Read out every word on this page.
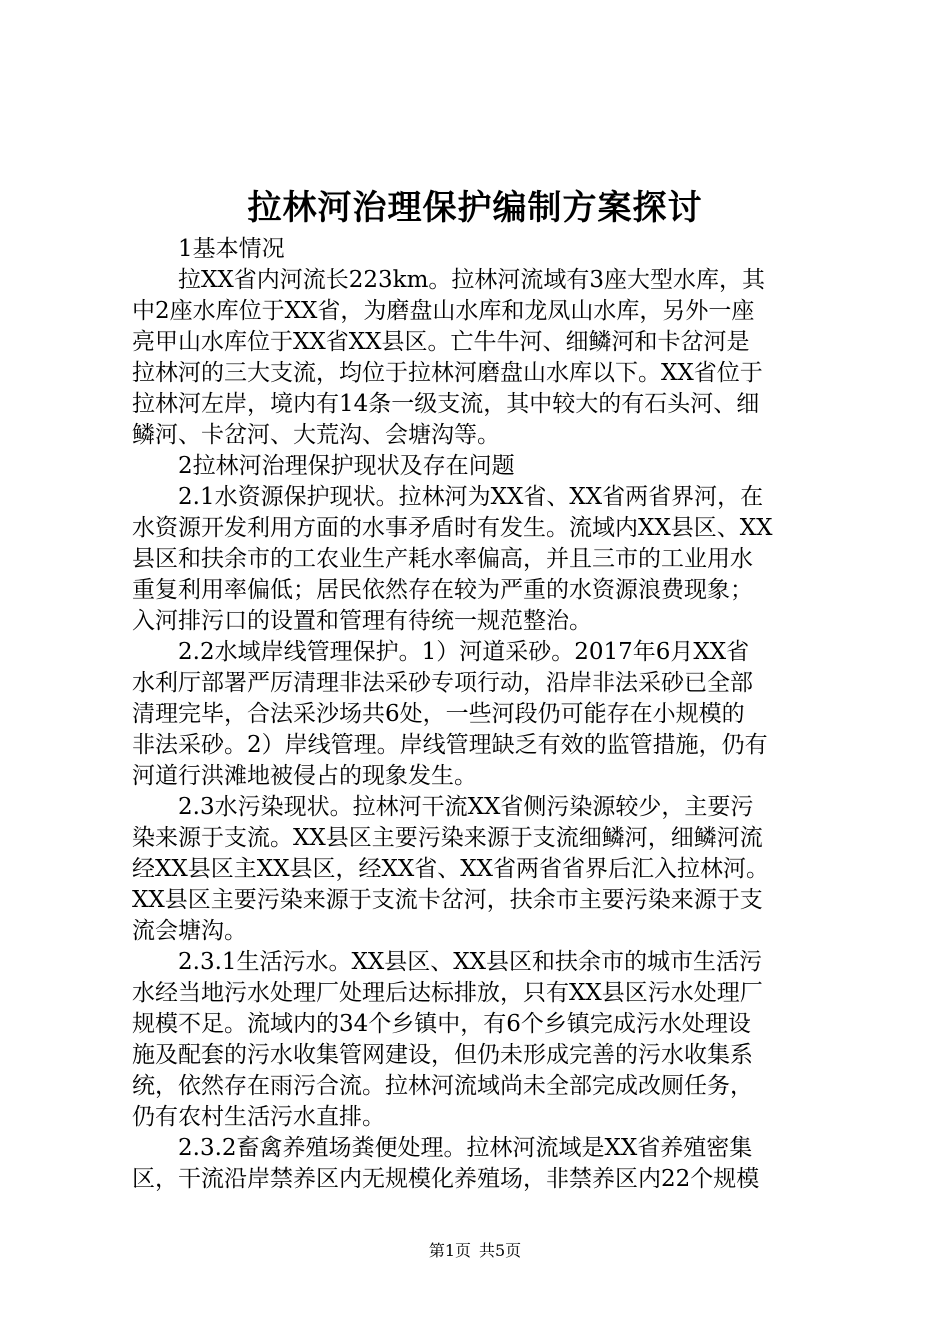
拉林河治理保护编制方案探讨
1基本情况
拉XX省内河流长223km。拉林河流域有3座大型水库，其
中2座水库位于XX省，为磨盘山水库和龙凤山水库，另外一座
亮甲山水库位于XX省XX县区。亡牛牛河、细鳞河和卡岔河是
拉林河的三大支流，均位于拉林河磨盘山水库以下。XX省位于
拉林河左岸，境内有14条一级支流，其中较大的有石头河、细
鳞河、卡岔河、大荒沟、会塘沟等。
2拉林河治理保护现状及存在问题
2.1水资源保护现状。拉林河为XX省、XX省两省界河，在
水资源开发利用方面的水事矛盾时有发生。流域内XX县区、XX
县区和扶余市的工农业生产耗水率偏高，并且三市的工业用水
重复利用率偏低；居民依然存在较为严重的水资源浪费现象；
入河排污口的设置和管理有待统一规范整治。
2.2水域岸线管理保护。1）河道采砂。2017年6月XX省
水利厅部署严厉清理非法采砂专项行动，沿岸非法采砂已全部
清理完毕，合法采沙场共6处，一些河段仍可能存在小规模的
非法采砂。2）岸线管理。岸线管理缺乏有效的监管措施，仍有
河道行洪滩地被侵占的现象发生。
2.3水污染现状。拉林河干流XX省侧污染源较少，主要污
染来源于支流。XX县区主要污染来源于支流细鳞河，细鳞河流
经XX县区主XX县区，经XX省、XX省两省省界后汇入拉林河。
XX县区主要污染来源于支流卡岔河，扶余市主要污染来源于支
流会塘沟。
2.3.1生活污水。XX县区、XX县区和扶余市的城市生活污
水经当地污水处理厂处理后达标排放，只有XX县区污水处理厂
规模不足。流域内的34个乡镇中，有6个乡镇完成污水处理设
施及配套的污水收集管网建设，但仍未形成完善的污水收集系
统，依然存在雨污合流。拉林河流域尚未全部完成改厕任务，
仍有农村生活污水直排。
2.3.2畜禽养殖场粪便处理。拉林河流域是XX省养殖密集
区，干流沿岸禁养区内无规模化养殖场，非禁养区内22个规模
第1页 共5页
